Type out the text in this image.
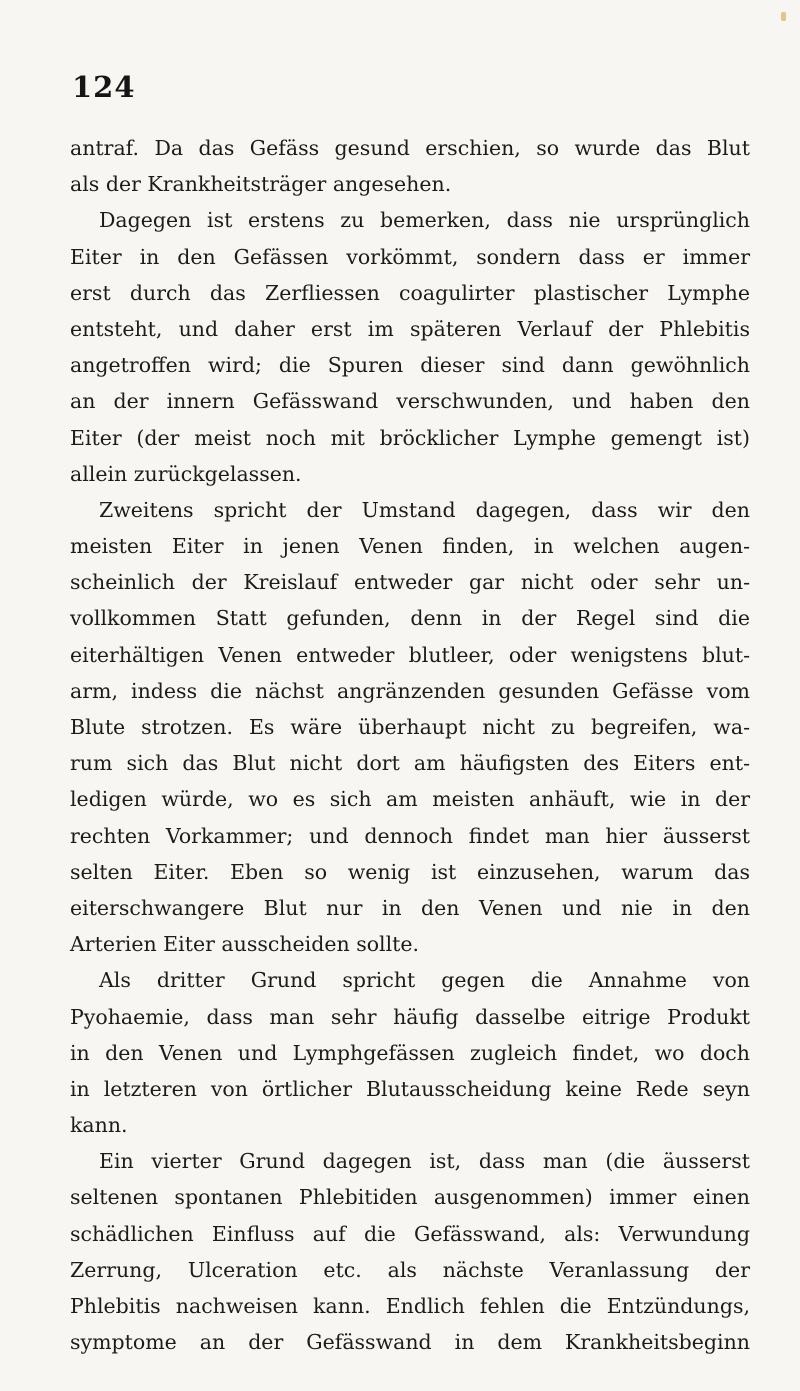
124
antraf. Da das Gefäss gesund erschien, so wurde das Blut
als der Krankheitsträger angesehen.
Dagegen ist erstens zu bemerken, dass nie ursprünglich
Eiter in den Gefässen vorkömmt, sondern dass er immer
erst durch das Zerfliessen coagulirter plastischer Lymphe
entsteht, und daher erst im späteren Verlauf der Phlebitis
angetroffen wird; die Spuren dieser sind dann gewöhnlich
an der innern Gefässwand verschwunden, und haben den
Eiter (der meist noch mit bröcklicher Lymphe gemengt ist)
allein zurückgelassen.
Zweitens spricht der Umstand dagegen, dass wir den
meisten Eiter in jenen Venen finden, in welchen augen-
scheinlich der Kreislauf entweder gar nicht oder sehr un-
vollkommen Statt gefunden, denn in der Regel sind die
eiterhältigen Venen entweder blutleer, oder wenigstens blut-
arm, indess die nächst angränzenden gesunden Gefässe vom
Blute strotzen. Es wäre überhaupt nicht zu begreifen, wa-
rum sich das Blut nicht dort am häufigsten des Eiters ent-
ledigen würde, wo es sich am meisten anhäuft, wie in der
rechten Vorkammer; und dennoch findet man hier äusserst
selten Eiter. Eben so wenig ist einzusehen, warum das
eiterschwangere Blut nur in den Venen und nie in den
Arterien Eiter ausscheiden sollte.
Als dritter Grund spricht gegen die Annahme von
Pyohaemie, dass man sehr häufig dasselbe eitrige Produkt
in den Venen und Lymphgefässen zugleich findet, wo doch
in letzteren von örtlicher Blutausscheidung keine Rede seyn
kann.
Ein vierter Grund dagegen ist, dass man (die äusserst
seltenen spontanen Phlebitiden ausgenommen) immer einen
schädlichen Einfluss auf die Gefässwand, als: Verwundung
Zerrung, Ulceration etc. als nächste Veranlassung der
Phlebitis nachweisen kann. Endlich fehlen die Entzündungs,
symptome an der Gefässwand in dem Krankheitsbeginn
